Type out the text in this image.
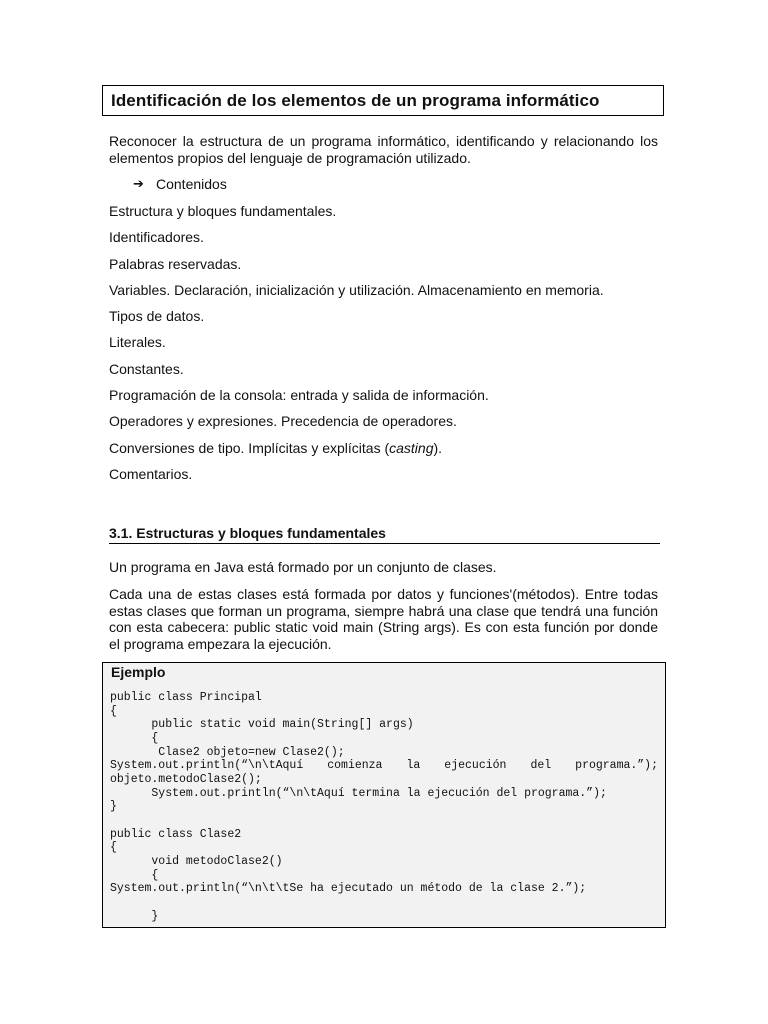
Identificación de los elementos de un programa informático
Reconocer la estructura de un programa informático, identificando y relacionando los elementos propios del lenguaje de programación utilizado.
➔ Contenidos
Estructura y bloques fundamentales.
Identificadores.
Palabras reservadas.
Variables. Declaración, inicialización y utilización. Almacenamiento en memoria.
Tipos de datos.
Literales.
Constantes.
Programación de la consola: entrada y salida de información.
Operadores y expresiones. Precedencia de operadores.
Conversiones de tipo. Implícitas y explícitas (casting).
Comentarios.
3.1. Estructuras y bloques fundamentales
Un programa en Java está formado por un conjunto de clases.
Cada una de estas clases está formada por datos y funciones'(métodos). Entre todas estas clases que forman un programa, siempre habrá una clase que tendrá una función con esta cabecera: public static void main (String args). Es con esta función por donde el programa empezara la ejecución.
Ejemplo
public class Principal
{
public static void main(String[] args)
{
Clase2 objeto=new Clase2();
System.out.println(“\n\tAquí comienza la ejecución del programa.”); objeto.metodoClase2();
System.out.println(“\n\tAquí termina la ejecución del programa.”);
}
public class Clase2
{
void metodoClase2()
{
System.out.println(“\n\t\tSe ha ejecutado un método de la clase 2.”);
}
